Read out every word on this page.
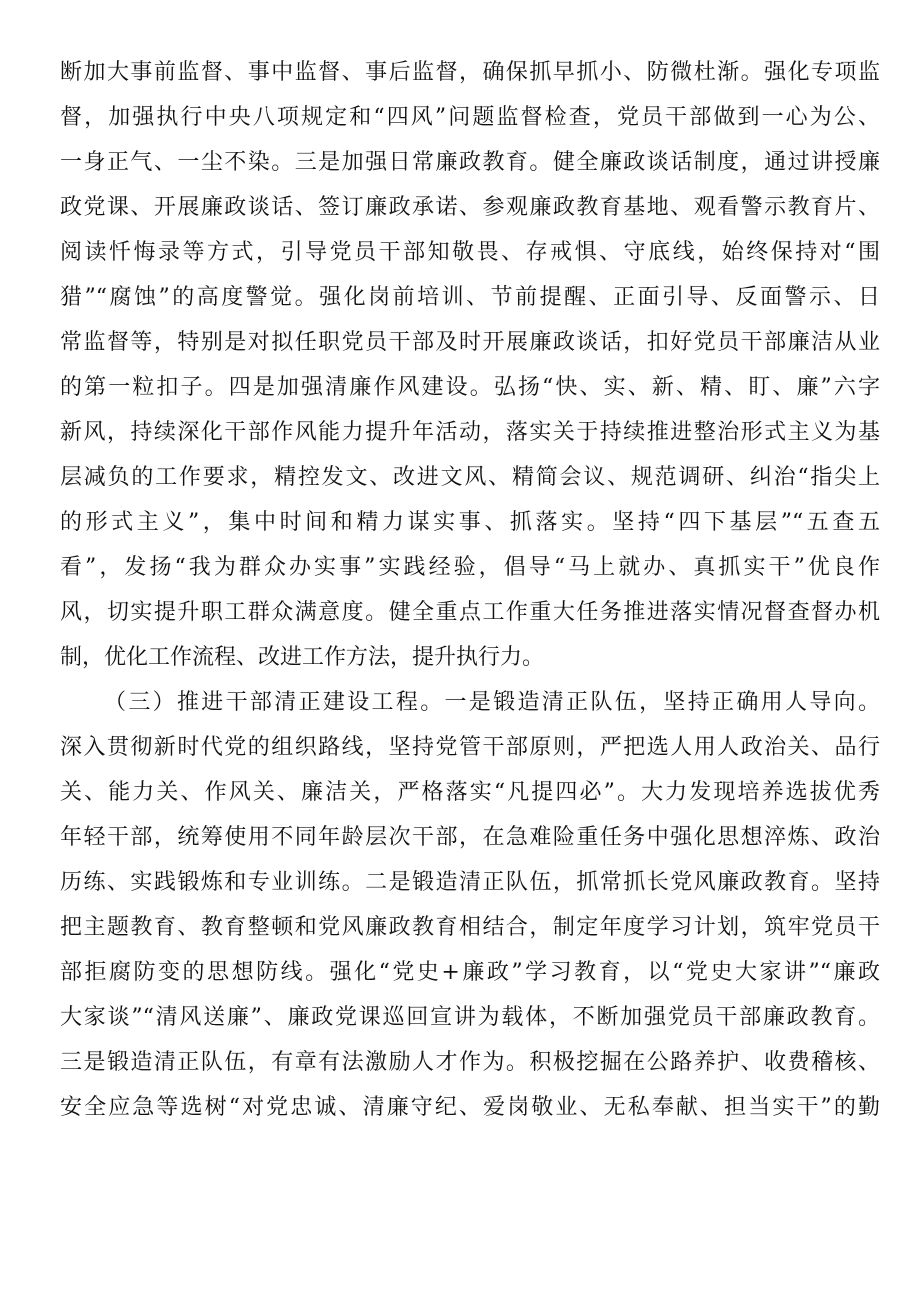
断加大事前监督、事中监督、事后监督，确保抓早抓小、防微杜渐。强化专项监
督，加强执行中央八项规定和“四风”问题监督检查，党员干部做到一心为公、
一身正气、一尘不染。三是加强日常廉政教育。健全廉政谈话制度，通过讲授廉
政党课、开展廉政谈话、签订廉政承诺、参观廉政教育基地、观看警示教育片、
阅读忏悔录等方式，引导党员干部知敬畏、存戒惧、守底线，始终保持对“围
猎”“腐蚀”的高度警觉。强化岗前培训、节前提醒、正面引导、反面警示、日
常监督等，特别是对拟任职党员干部及时开展廉政谈话，扣好党员干部廉洁从业
的第一粒扣子。四是加强清廉作风建设。弘扬“快、实、新、精、盯、廉”六字
新风，持续深化干部作风能力提升年活动，落实关于持续推进整治形式主义为基
层减负的工作要求，精控发文、改进文风、精简会议、规范调研、纠治“指尖上
的形式主义”，集中时间和精力谋实事、抓落实。坚持“四下基层”“五查五
看”，发扬“我为群众办实事”实践经验，倡导“马上就办、真抓实干”优良作
风，切实提升职工群众满意度。健全重点工作重大任务推进落实情况督查督办机
制，优化工作流程、改进工作方法，提升执行力。
（三）推进干部清正建设工程。一是锻造清正队伍，坚持正确用人导向。
深入贯彻新时代党的组织路线，坚持党管干部原则，严把选人用人政治关、品行
关、能力关、作风关、廉洁关，严格落实“凡提四必”。大力发现培养选拔优秀
年轻干部，统筹使用不同年龄层次干部，在急难险重任务中强化思想淬炼、政治
历练、实践锻炼和专业训练。二是锻造清正队伍，抓常抓长党风廉政教育。坚持
把主题教育、教育整顿和党风廉政教育相结合，制定年度学习计划，筑牢党员干
部拒腐防变的思想防线。强化“党史+廉政”学习教育，以“党史大家讲”“廉政
大家谈”“清风送廉”、廉政党课巡回宣讲为载体，不断加强党员干部廉政教育。
三是锻造清正队伍，有章有法激励人才作为。积极挖掘在公路养护、收费稽核、
安全应急等选树“对党忠诚、清廉守纪、爱岗敬业、无私奉献、担当实干”的勤
